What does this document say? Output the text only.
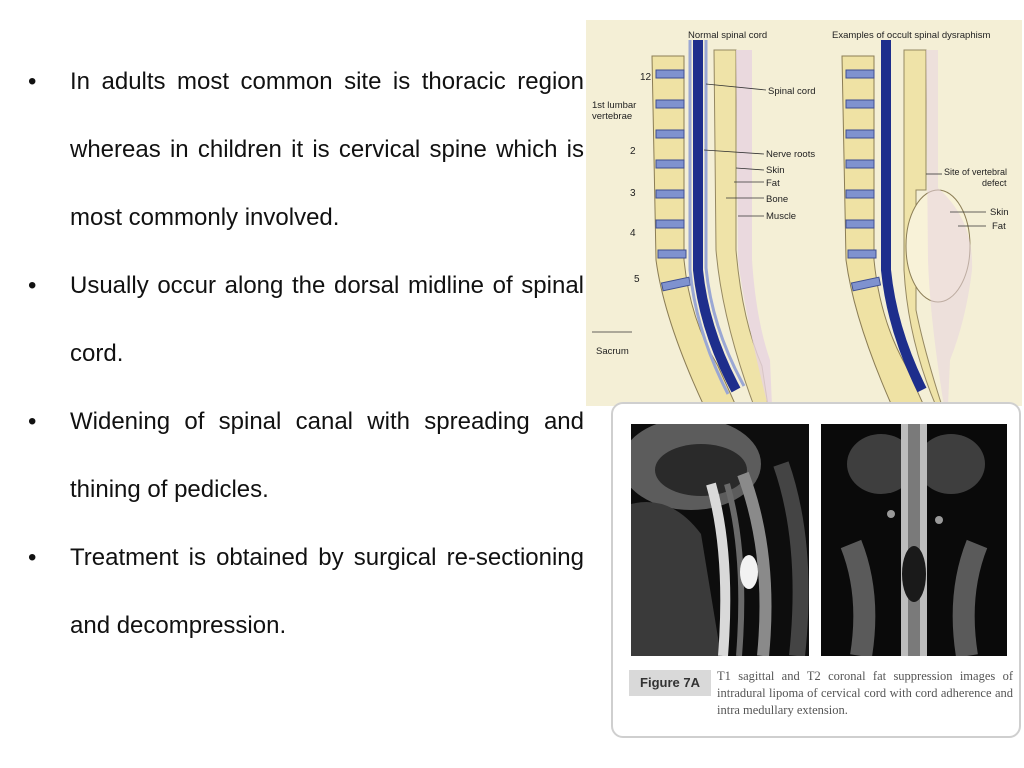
• In adults most common site is thoracic region whereas in children it is cervical spine which is most commonly involved.
• Usually occur along the dorsal midline of spinal cord.
• Widening of spinal canal with spreading and thining of pedicles.
• Treatment is obtained by surgical re-sectioning and decompression.
Normal spinal cord	Examples of occult spinal dysraphism
12
1st lumbar
vertebrae
2
3
4
5
Sacrum
Spinal cord
Nerve roots
Skin
Fat
Bone
Muscle
Site of vertebral
defect
Skin
Fat
Figure 7A	T1 sagittal and T2 coronal fat suppression images of intradural lipoma of cervical cord with cord adherence and intra medullary extension.
